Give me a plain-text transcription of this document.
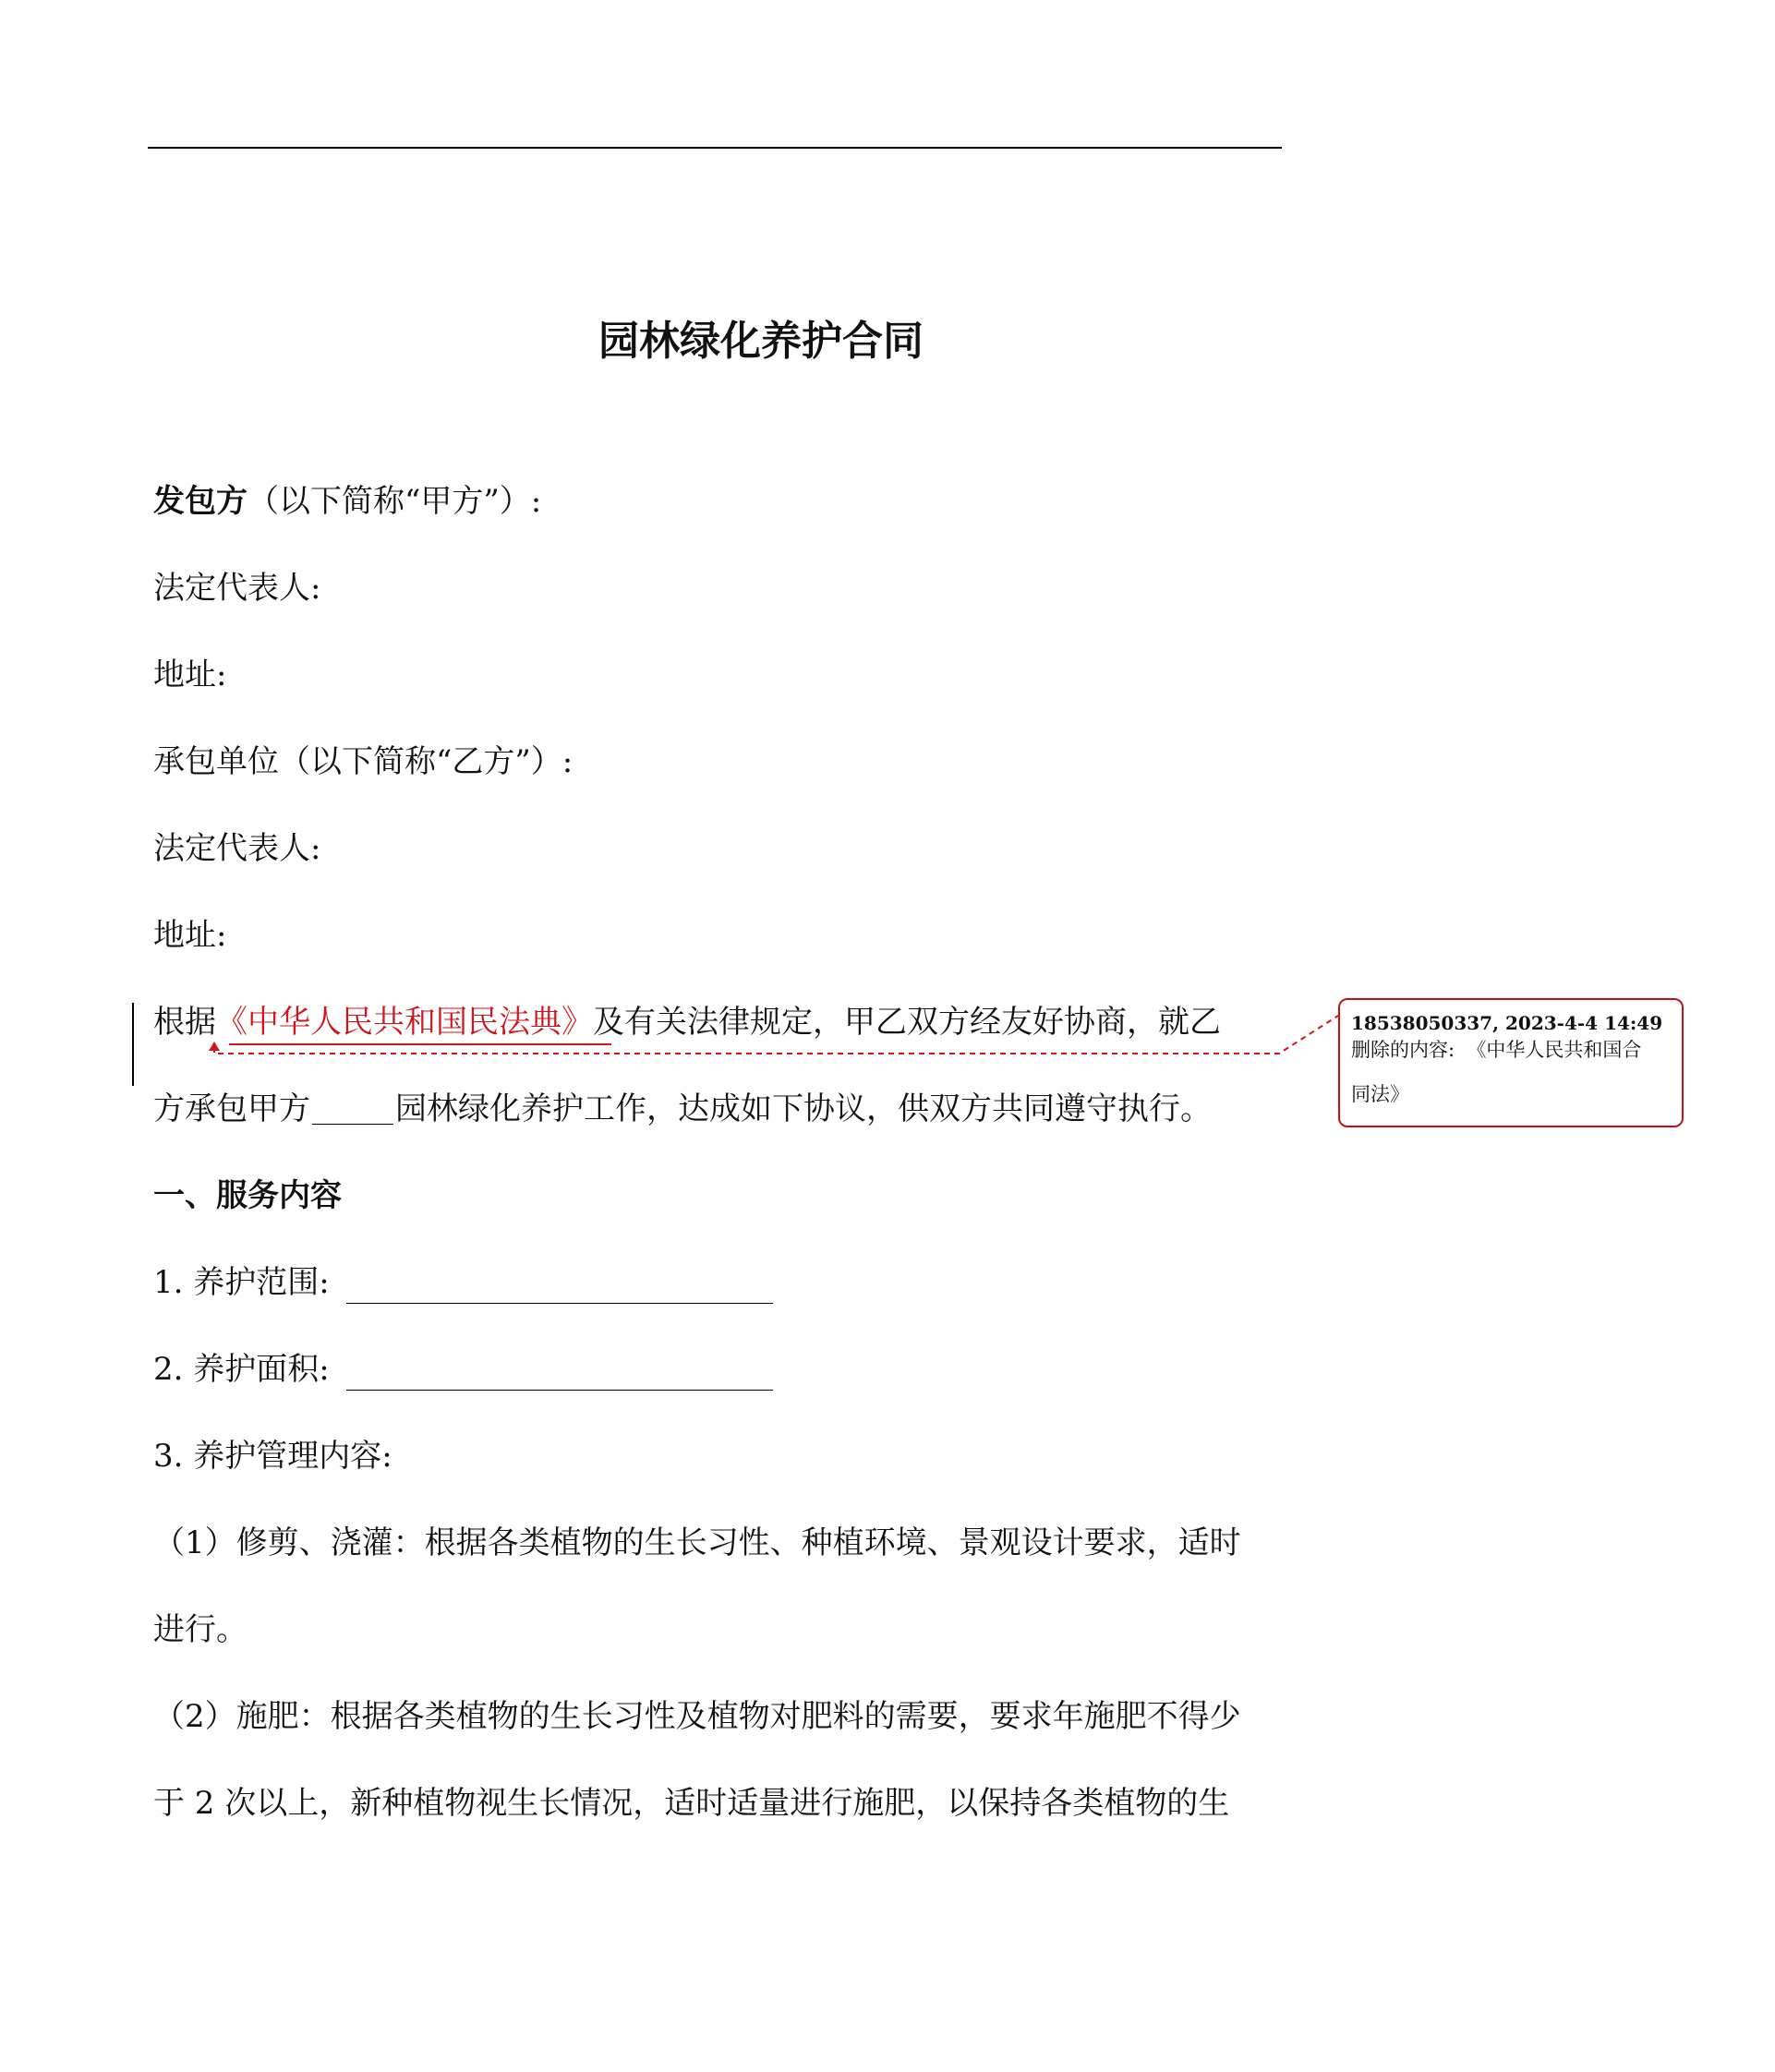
园林绿化养护合同
发包方（以下简称“甲方”）:
法定代表人:
地址:
承包单位（以下简称“乙方”）:
法定代表人:
地址:
根据《中华人民共和国民法典》及有关法律规定，甲乙双方经友好协商，就乙
方承包甲方	园林绿化养护工作，达成如下协议，供双方共同遵守执行。
一、服务内容
1. 养护范围:
2. 养护面积:
3. 养护管理内容:
（1）修剪、浇灌：根据各类植物的生长习性、种植环境、景观设计要求，适时
进行。
（2）施肥：根据各类植物的生长习性及植物对肥料的需要，要求年施肥不得少
于 2 次以上，新种植物视生长情况，适时适量进行施肥，以保持各类植物的生
18538050337, 2023-4-4 14:49
删除的内容: 《中华人民共和国合
同法》
